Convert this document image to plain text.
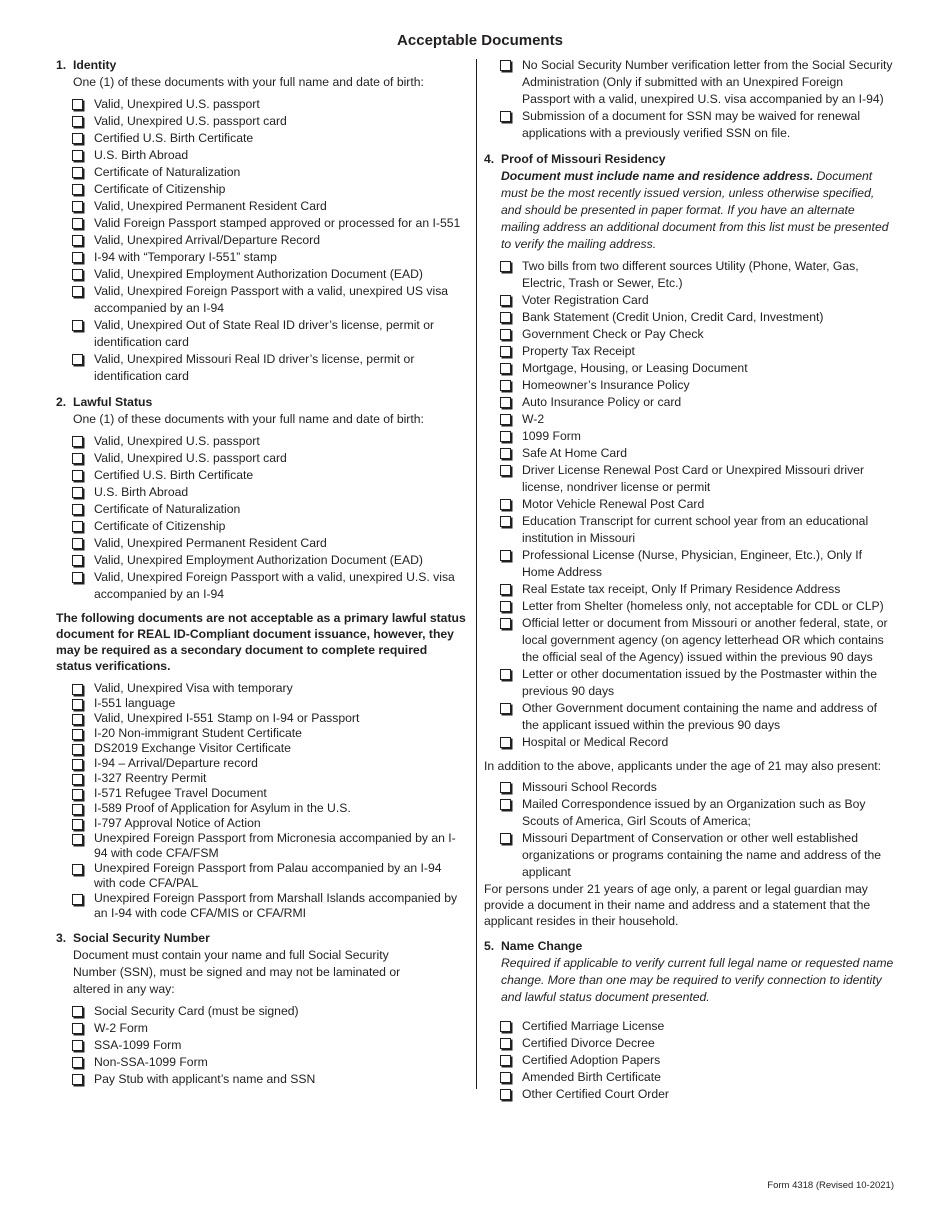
Acceptable Documents
1. Identity
One (1) of these documents with your full name and date of birth:
Valid, Unexpired U.S. passport
Valid, Unexpired U.S. passport card
Certified U.S. Birth Certificate
U.S. Birth Abroad
Certificate of Naturalization
Certificate of Citizenship
Valid, Unexpired Permanent Resident Card
Valid Foreign Passport stamped approved or processed for an I-551
Valid, Unexpired Arrival/Departure Record
I-94 with “Temporary I-551” stamp
Valid, Unexpired Employment Authorization Document (EAD)
Valid, Unexpired Foreign Passport with a valid, unexpired US visa accompanied by an I-94
Valid, Unexpired Out of State Real ID driver’s license, permit or identification card
Valid, Unexpired Missouri Real ID driver’s license, permit or identification card
2. Lawful Status
One (1) of these documents with your full name and date of birth:
Valid, Unexpired U.S. passport
Valid, Unexpired U.S. passport card
Certified U.S. Birth Certificate
U.S. Birth Abroad
Certificate of Naturalization
Certificate of Citizenship
Valid, Unexpired Permanent Resident Card
Valid, Unexpired Employment Authorization Document (EAD)
Valid, Unexpired Foreign Passport with a valid, unexpired U.S. visa accompanied by an I-94
The following documents are not acceptable as a primary lawful status document for REAL ID-Compliant document issuance, however, they may be required as a secondary document to complete required status verifications.
Valid, Unexpired Visa with temporary
I-551 language
Valid, Unexpired I-551 Stamp on I-94 or Passport
I-20 Non-immigrant Student Certificate
DS2019 Exchange Visitor Certificate
I-94 – Arrival/Departure record
I-327 Reentry Permit
I-571 Refugee Travel Document
I-589 Proof of Application for Asylum in the U.S.
I-797 Approval Notice of Action
Unexpired Foreign Passport from Micronesia accompanied by an I-94 with code CFA/FSM
Unexpired Foreign Passport from Palau accompanied by an I-94 with code CFA/PAL
Unexpired Foreign Passport from Marshall Islands accompanied by an I-94 with code CFA/MIS or CFA/RMI
3. Social Security Number
Document must contain your name and full Social Security Number (SSN), must be signed and may not be laminated or altered in any way:
Social Security Card (must be signed)
W-2 Form
SSA-1099 Form
Non-SSA-1099 Form
Pay Stub with applicant’s name and SSN
No Social Security Number verification letter from the Social Security Administration (Only if submitted with an Unexpired Foreign Passport with a valid, unexpired U.S. visa accompanied by an I-94)
Submission of a document for SSN may be waived for renewal applications with a previously verified SSN on file.
4. Proof of Missouri Residency
Document must include name and residence address. Document must be the most recently issued version, unless otherwise specified, and should be presented in paper format. If you have an alternate mailing address an additional document from this list must be presented to verify the mailing address.
Two bills from two different sources Utility (Phone, Water, Gas, Electric, Trash or Sewer, Etc.)
Voter Registration Card
Bank Statement (Credit Union, Credit Card, Investment)
Government Check or Pay Check
Property Tax Receipt
Mortgage, Housing, or Leasing Document
Homeowner’s Insurance Policy
Auto Insurance Policy or card
W-2
1099 Form
Safe At Home Card
Driver License Renewal Post Card or Unexpired Missouri driver license, nondriver license or permit
Motor Vehicle Renewal Post Card
Education Transcript for current school year from an educational institution in Missouri
Professional License (Nurse, Physician, Engineer, Etc.), Only If Home Address
Real Estate tax receipt, Only If Primary Residence Address
Letter from Shelter (homeless only, not acceptable for CDL or CLP)
Official letter or document from Missouri or another federal, state, or local government agency (on agency letterhead OR which contains the official seal of the Agency) issued within the previous 90 days
Letter or other documentation issued by the Postmaster within the previous 90 days
Other Government document containing the name and address of the applicant issued within the previous 90 days
Hospital or Medical Record
In addition to the above, applicants under the age of 21 may also present:
Missouri School Records
Mailed Correspondence issued by an Organization such as Boy Scouts of America, Girl Scouts of America;
Missouri Department of Conservation or other well established organizations or programs containing the name and address of the applicant
For persons under 21 years of age only, a parent or legal guardian may provide a document in their name and address and a statement that the applicant resides in their household.
5. Name Change
Required if applicable to verify current full legal name or requested name change. More than one may be required to verify connection to identity and lawful status document presented.
Certified Marriage License
Certified Divorce Decree
Certified Adoption Papers
Amended Birth Certificate
Other Certified Court Order
Form 4318 (Revised 10-2021)
